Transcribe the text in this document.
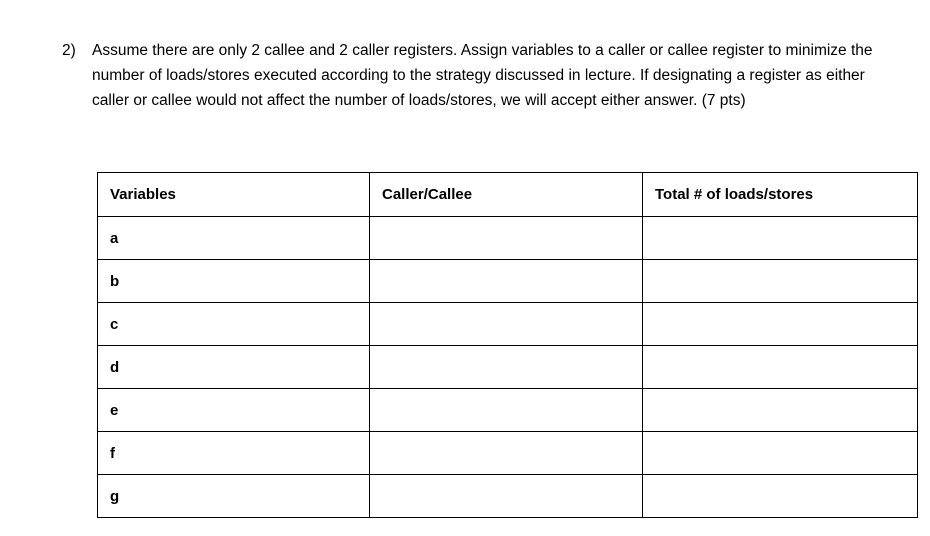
2)	Assume there are only 2 callee and 2 caller registers. Assign variables to a caller or callee register to minimize the number of loads/stores executed according to the strategy discussed in lecture. If designating a register as either caller or callee would not affect the number of loads/stores, we will accept either answer. (7 pts)
Variables	Caller/Callee	Total # of loads/stores
a		
b		
c		
d		
e		
f		
g		
